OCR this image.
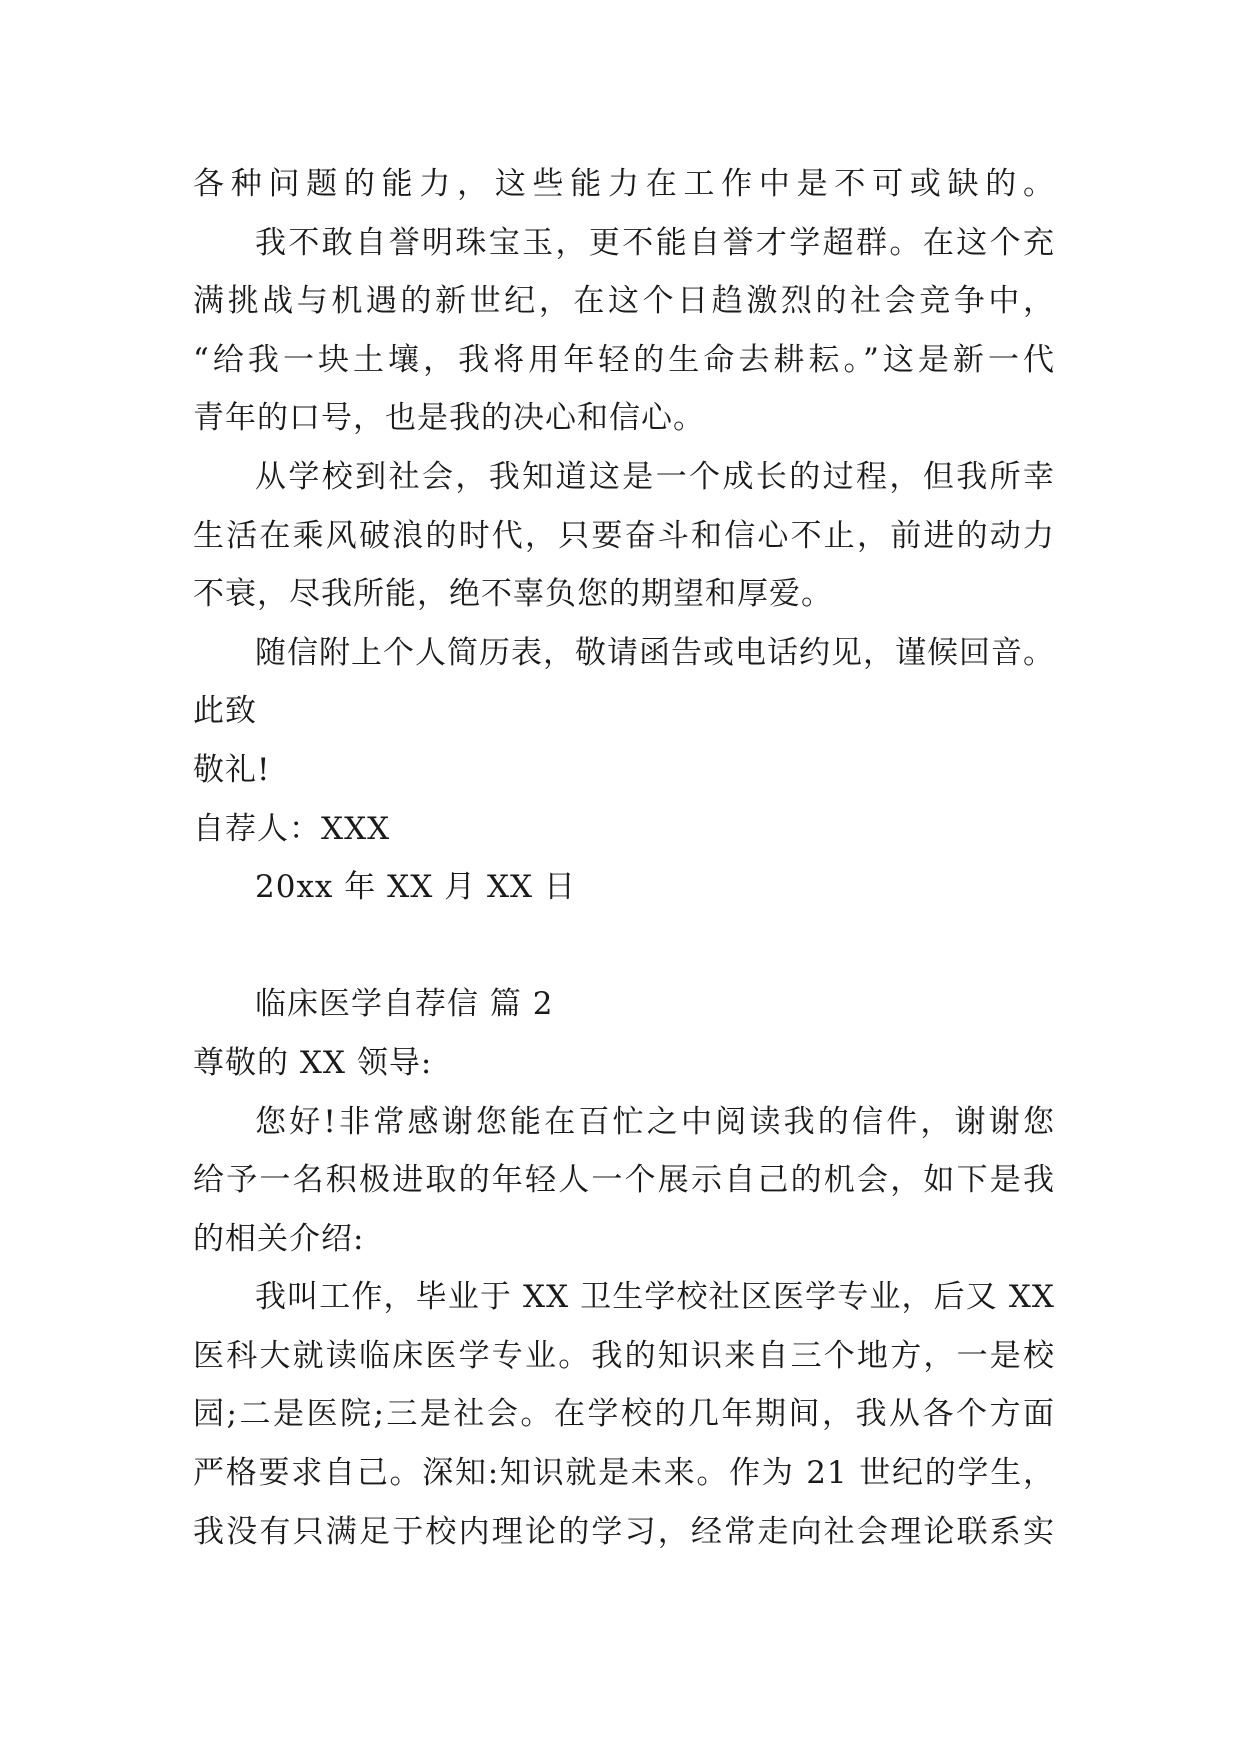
各种问题的能力，这些能力在工作中是不可或缺的。
我不敢自誉明珠宝玉，更不能自誉才学超群。在这个充
满挑战与机遇的新世纪，在这个日趋激烈的社会竞争中，
“给我一块土壤，我将用年轻的生命去耕耘。”这是新一代
青年的口号，也是我的决心和信心。
从学校到社会，我知道这是一个成长的过程，但我所幸
生活在乘风破浪的时代，只要奋斗和信心不止，前进的动力
不衰，尽我所能，绝不辜负您的期望和厚爱。
随信附上个人简历表，敬请函告或电话约见，谨候回音。
此致
敬礼!
自荐人：XXX
20xx 年 XX 月 XX 日
临床医学自荐信 篇 2
尊敬的 XX 领导:
您好!非常感谢您能在百忙之中阅读我的信件，谢谢您
给予一名积极进取的年轻人一个展示自己的机会，如下是我
的相关介绍:
我叫工作，毕业于 XX 卫生学校社区医学专业，后又 XX
医科大就读临床医学专业。我的知识来自三个地方，一是校
园;二是医院;三是社会。在学校的几年期间，我从各个方面
严格要求自己。深知:知识就是未来。作为 21 世纪的学生，
我没有只满足于校内理论的学习，经常走向社会理论联系实
